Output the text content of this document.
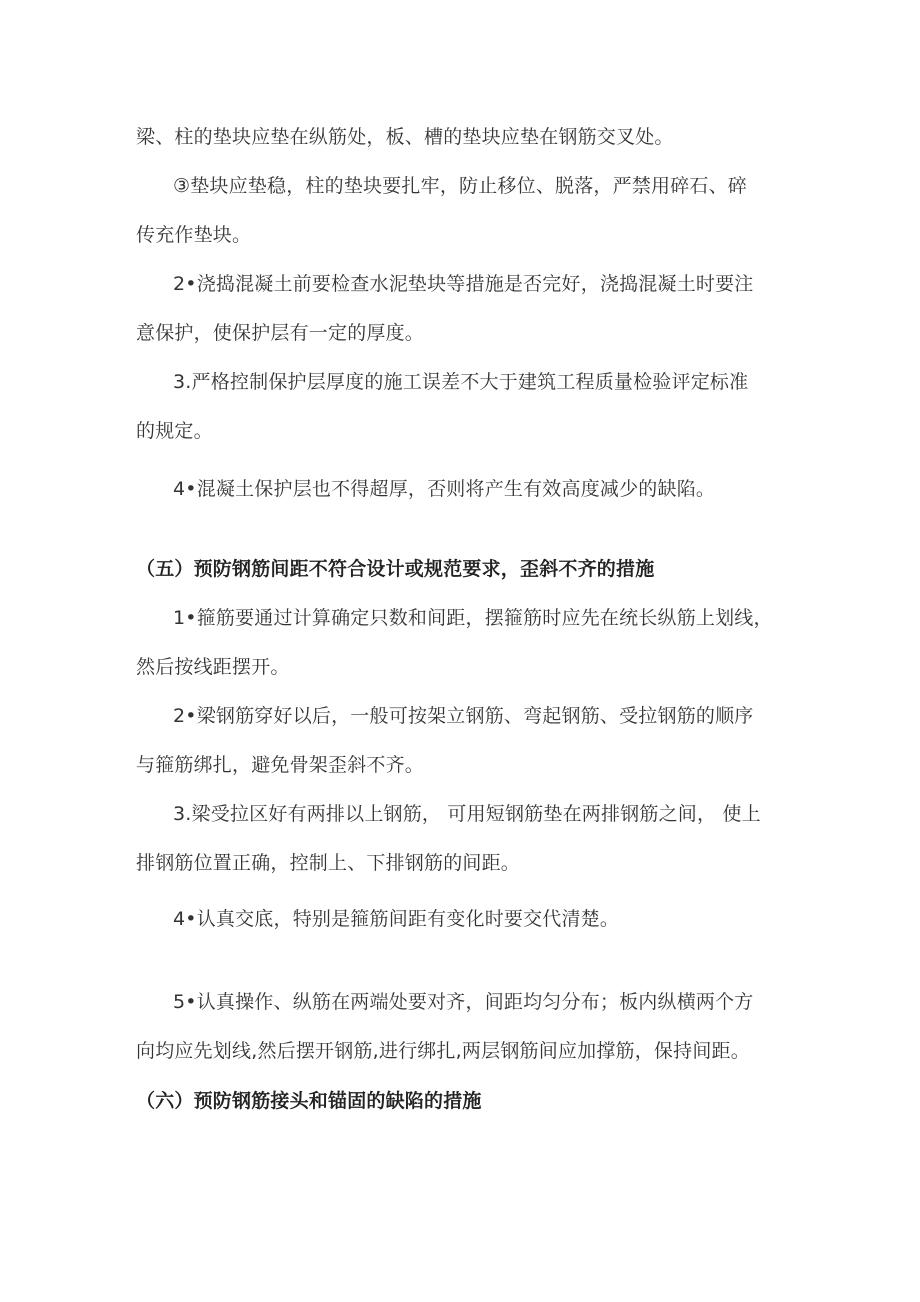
梁、柱的垫块应垫在纵筋处，板、槽的垫块应垫在钢筋交叉处。
③垫块应垫稳，柱的垫块要扎牢，防止移位、脱落，严禁用碎石、碎
传充作垫块。
2•浇捣混凝土前要检查水泥垫块等措施是否完好，浇捣混凝土时要注
意保护，使保护层有一定的厚度。
3.严格控制保护层厚度的施工误差不大于建筑工程质量检验评定标准
的规定。
4•混凝土保护层也不得超厚，否则将产生有效高度减少的缺陷。
（五）预防钢筋间距不符合设计或规范要求，歪斜不齐的措施
1•箍筋要通过计算确定只数和间距，摆箍筋时应先在统长纵筋上划线，
然后按线距摆开。
2•梁钢筋穿好以后，一般可按架立钢筋、弯起钢筋、受拉钢筋的顺序
与箍筋绑扎，避免骨架歪斜不齐。
3.梁受拉区好有两排以上钢筋， 可用短钢筋垫在两排钢筋之间， 使上
排钢筋位置正确，控制上、下排钢筋的间距。
4•认真交底，特别是箍筋间距有变化时要交代清楚。
5•认真操作、纵筋在两端处要对齐，间距均匀分布；板内纵横两个方
向均应先划线,然后摆开钢筋,进行绑扎,两层钢筋间应加撑筋，保持间距。
（六）预防钢筋接头和锚固的缺陷的措施
